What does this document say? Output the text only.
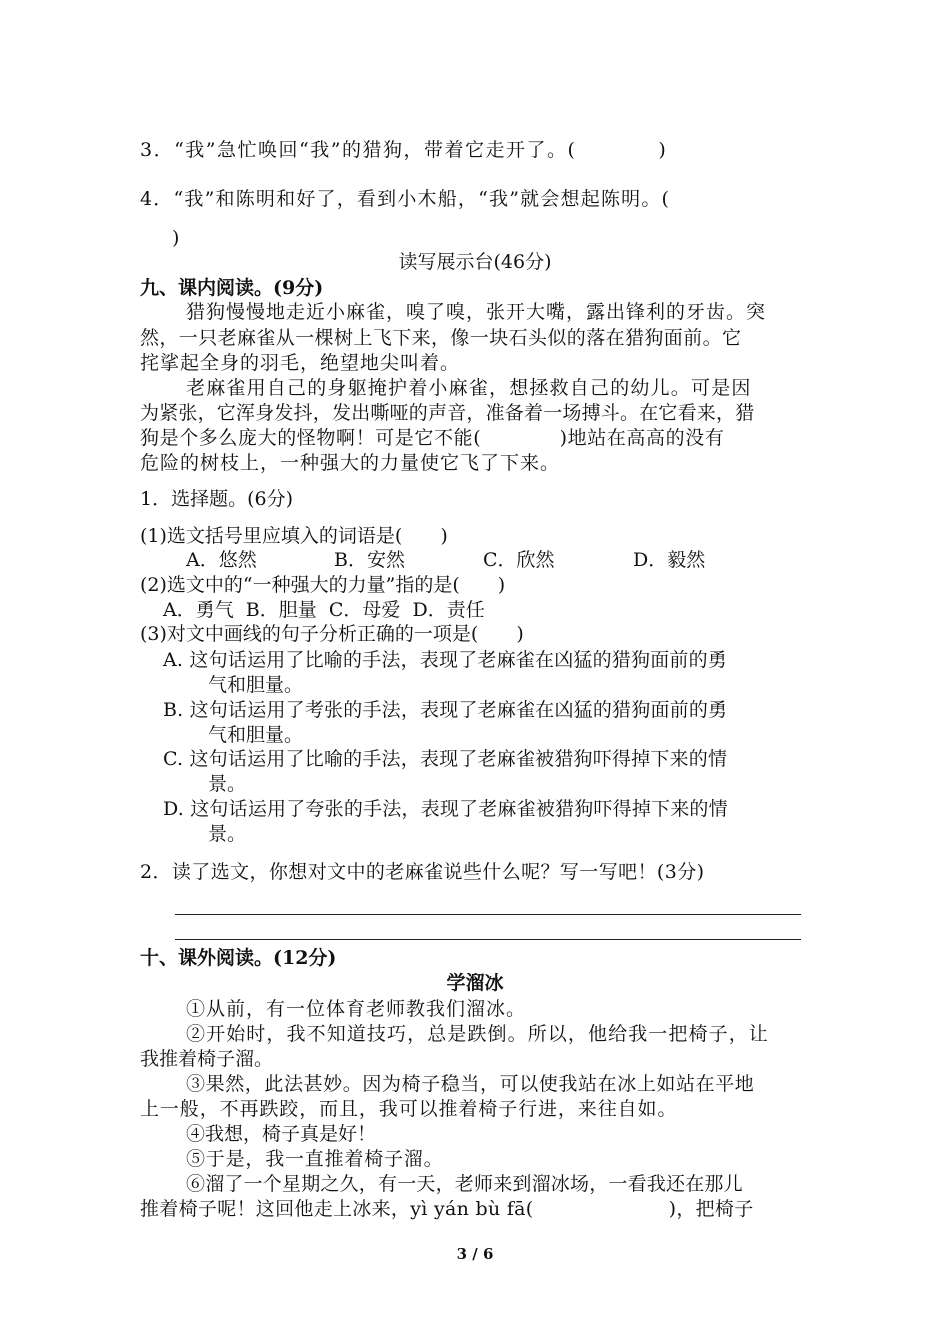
3．“我”急忙唤回“我”的猎狗，带着它走开了。(　　　　)
4．“我”和陈明和好了，看到小木船，“我”就会想起陈明。(
)
读写展示台(46分)
九、课内阅读。(9分)
猎狗慢慢地走近小麻雀，嗅了嗅，张开大嘴，露出锋利的牙齿。突
然，一只老麻雀从一棵树上飞下来，像一块石头似的落在猎狗面前。它
挓挲起全身的羽毛，绝望地尖叫着。
老麻雀用自己的身躯掩护着小麻雀，想拯救自己的幼儿。可是因
为紧张，它浑身发抖，发出嘶哑的声音，准备着一场搏斗。在它看来，猎
狗是个多么庞大的怪物啊！可是它不能(　　　　)地站在高高的没有
危险的树枝上，一种强大的力量使它飞了下来。
1．选择题。(6分)
(1)选文括号里应填入的词语是(　　)
A．悠然	B．安然	C．欣然	D．毅然
(2)选文中的“一种强大的力量”指的是(　　)
A．勇气  B．胆量  C．母爱  D．责任
(3)对文中画线的句子分析正确的一项是(　　)
A. 这句话运用了比喻的手法，表现了老麻雀在凶猛的猎狗面前的勇
气和胆量。
B. 这句话运用了考张的手法，表现了老麻雀在凶猛的猎狗面前的勇
气和胆量。
C. 这句话运用了比喻的手法，表现了老麻雀被猎狗吓得掉下来的情
景。
D. 这句话运用了夸张的手法，表现了老麻雀被猎狗吓得掉下来的情
景。
2．读了选文，你想对文中的老麻雀说些什么呢？写一写吧！(3分)
十、课外阅读。(12分)
学溜冰
①从前，有一位体育老师教我们溜冰。
②开始时，我不知道技巧，总是跌倒。所以，他给我一把椅子，让
我推着椅子溜。
③果然，此法甚妙。因为椅子稳当，可以使我站在冰上如站在平地
上一般，不再跌跤，而且，我可以推着椅子行进，来往自如。
④我想，椅子真是好！
⑤于是，我一直推着椅子溜。
⑥溜了一个星期之久，有一天，老师来到溜冰场，一看我还在那儿
推着椅子呢！这回他走上冰来，yì yán bù fā(　　　　　　　)，把椅子
3 / 6
